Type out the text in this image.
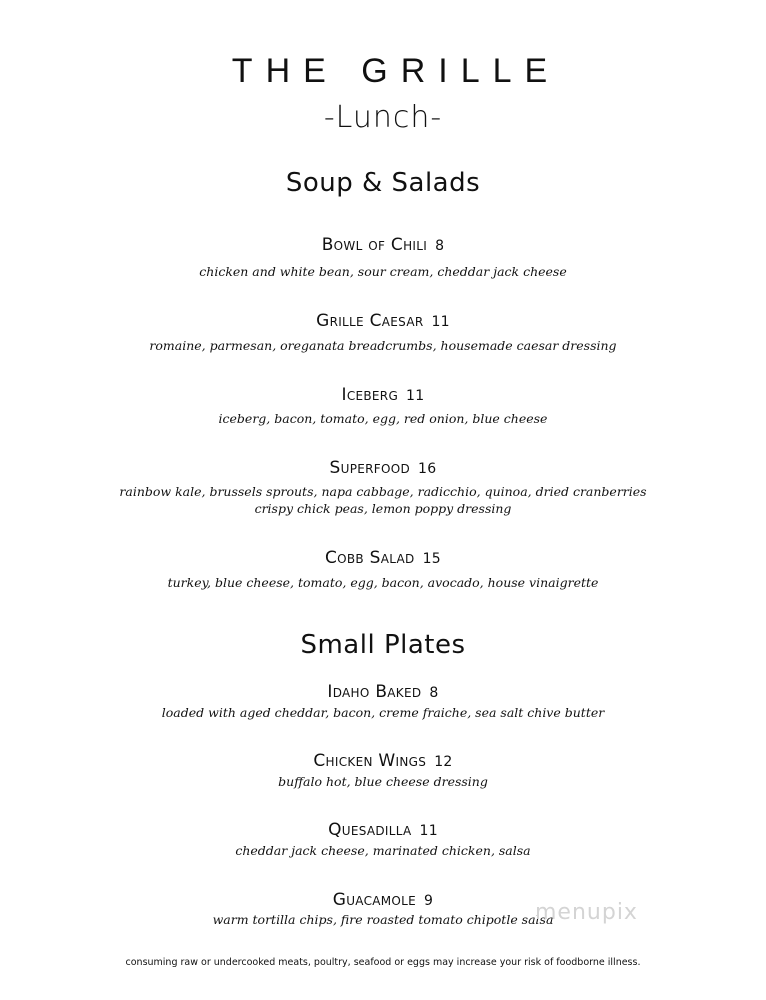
THE GRILLE
-Lunch-
Soup & Salads
Bowl of Chili 8
chicken and white bean, sour cream, cheddar jack cheese
Grille Caesar 11
romaine, parmesan, oreganata breadcrumbs, housemade caesar dressing
Iceberg 11
iceberg, bacon, tomato, egg, red onion, blue cheese
Superfood 16
rainbow kale, brussels sprouts, napa cabbage, radicchio, quinoa, dried cranberries
crispy chick peas, lemon poppy dressing
Cobb Salad 15
turkey, blue cheese, tomato, egg, bacon, avocado, house vinaigrette
Small Plates
Idaho Baked 8
loaded with aged cheddar, bacon, creme fraiche, sea salt chive butter
Chicken Wings 12
buffalo hot, blue cheese dressing
Quesadilla 11
cheddar jack cheese, marinated chicken, salsa
Guacamole 9
warm tortilla chips, fire roasted tomato chipotle salsa
menupix
consuming raw or undercooked meats, poultry, seafood or eggs may increase your risk of foodborne illness.
